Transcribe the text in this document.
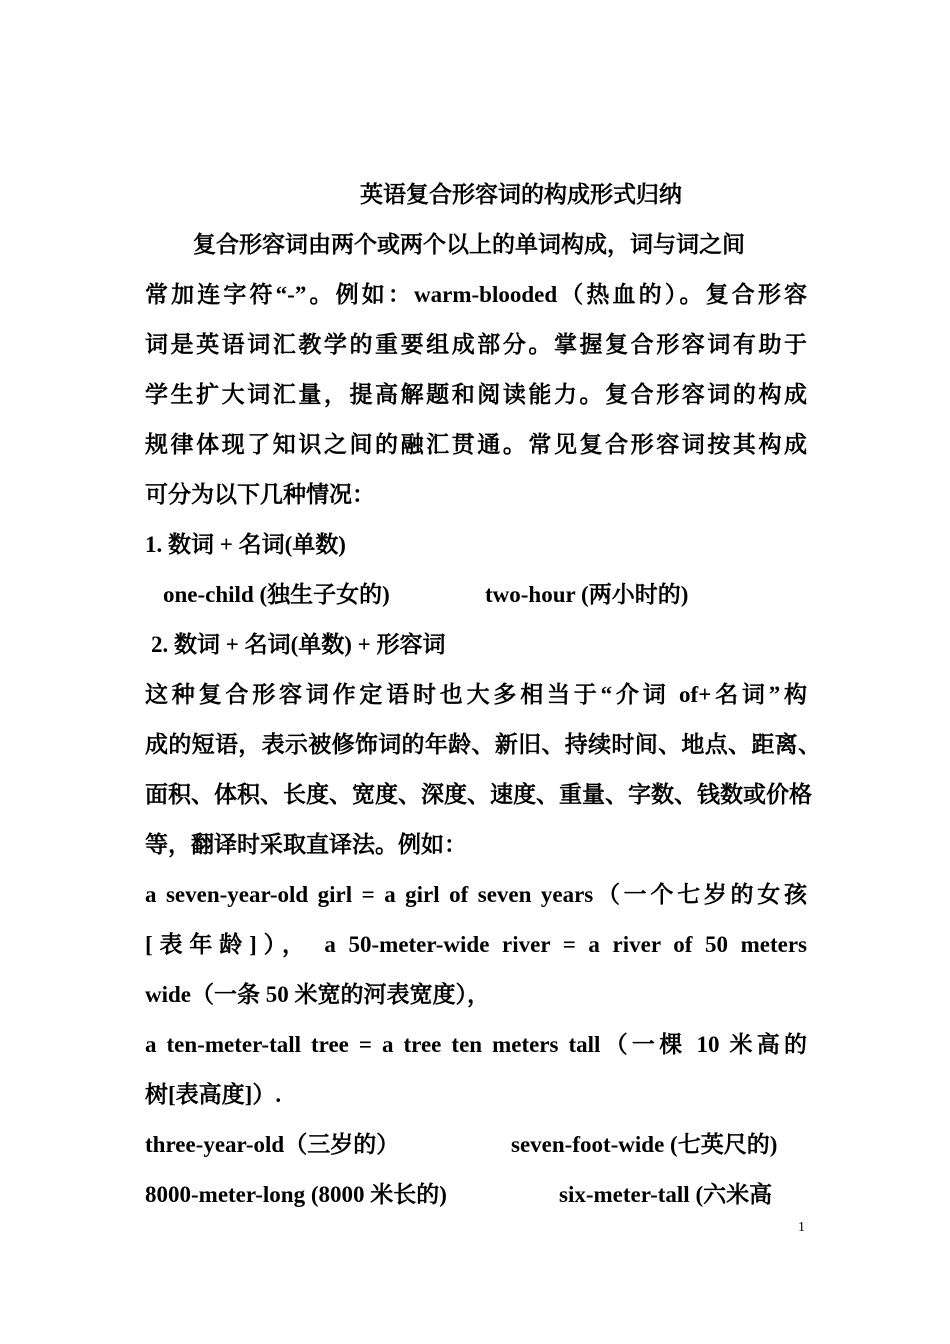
英语复合形容词的构成形式归纳
复合形容词由两个或两个以上的单词构成，词与词之间
常加连字符“-”。例如：warm-blooded（热血的）。复合形容
词是英语词汇教学的重要组成部分。掌握复合形容词有助于
学生扩大词汇量，提高解题和阅读能力。复合形容词的构成
规律体现了知识之间的融汇贯通。常见复合形容词按其构成
可分为以下几种情况：
1. 数词 + 名词(单数)
one-child (独生子女的)	two-hour (两小时的)
2. 数词 + 名词(单数) + 形容词
这种复合形容词作定语时也大多相当于“介词 of+名词”构
成的短语，表示被修饰词的年龄、新旧、持续时间、地点、距离、
面积、体积、长度、宽度、深度、速度、重量、字数、钱数或价格
等，翻译时采取直译法。例如：
a seven-year-old girl = a girl of seven years（一个七岁的女孩
[表年龄]）， a 50-meter-wide river = a river of 50 meters
wide（一条 50 米宽的河表宽度），
a ten-meter-tall tree = a tree ten meters tall（一棵 10 米高的
树[表高度]）.
three-year-old（三岁的）	seven-foot-wide (七英尺的)
8000-meter-long (8000 米长的)	six-meter-tall (六米高
1
